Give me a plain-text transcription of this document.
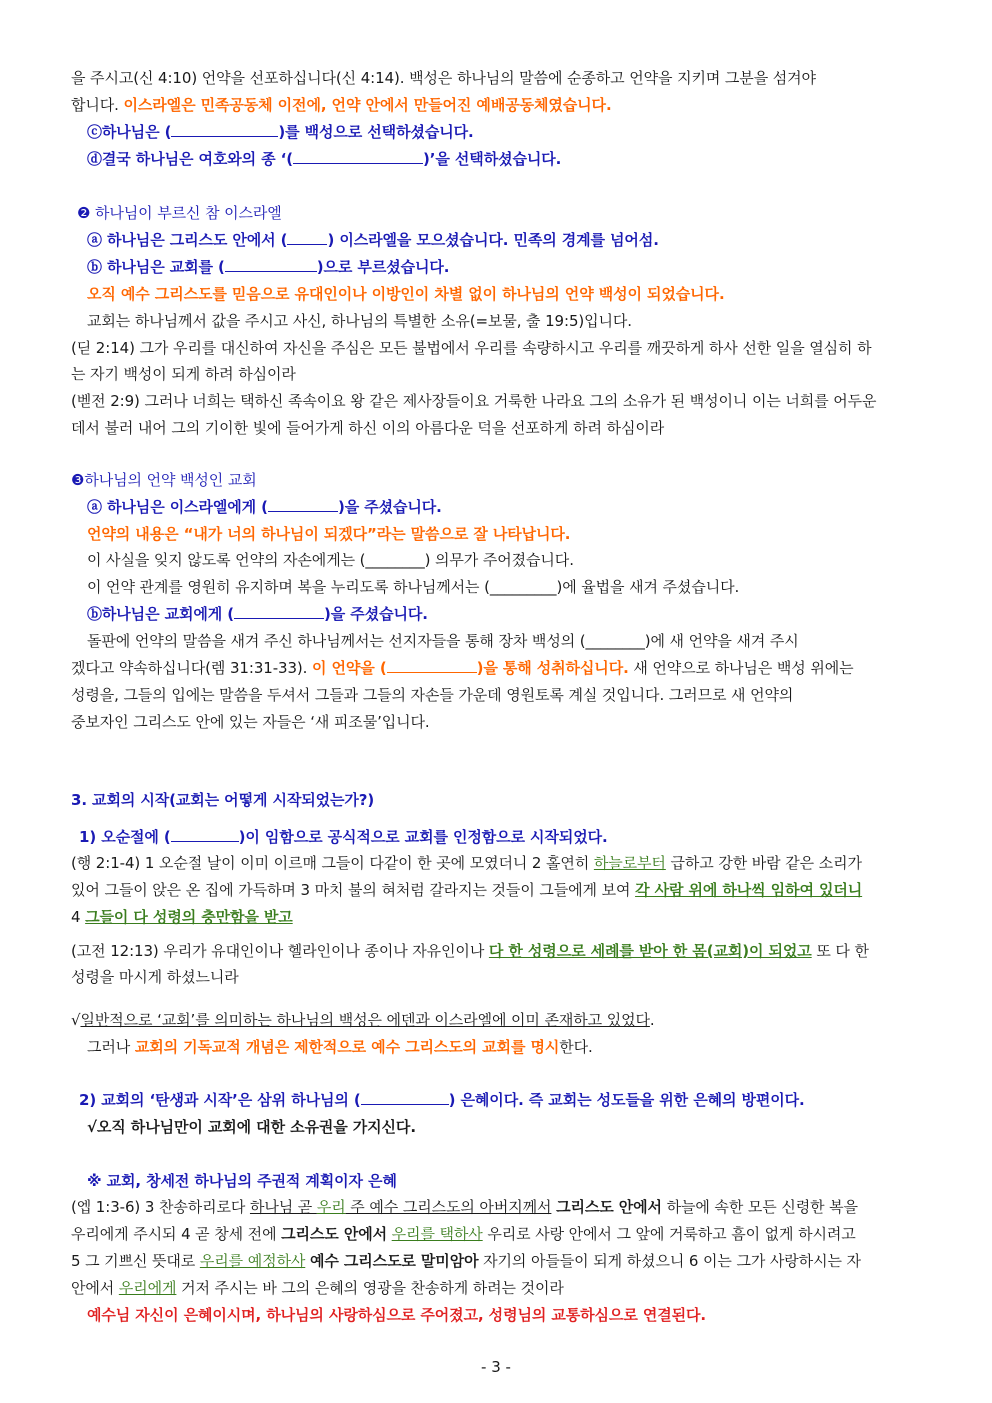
을 주시고(신 4:10) 언약을 선포하십니다(신 4:14). 백성은 하나님의 말씀에 순종하고 언약을 지키며 그분을 섬겨야
합니다. 이스라엘은 민족공동체 이전에, 언약 안에서 만들어진 예배공동체였습니다.
ⓒ하나님은 (	)를 백성으로 선택하셨습니다.
ⓓ결국 하나님은 여호와의 종 ‘(	)’을 선택하셨습니다.
❷ 하나님이 부르신 참 이스라엘
ⓐ 하나님은 그리스도 안에서 (	) 이스라엘을 모으셨습니다. 민족의 경계를 넘어섬.
ⓑ 하나님은 교회를 (	)으로 부르셨습니다.
오직 예수 그리스도를 믿음으로 유대인이나 이방인이 차별 없이 하나님의 언약 백성이 되었습니다.
교회는 하나님께서 값을 주시고 사신, 하나님의 특별한 소유(=보물, 출 19:5)입니다.
(딛 2:14) 그가 우리를 대신하여 자신을 주심은 모든 불법에서 우리를 속량하시고 우리를 깨끗하게 하사 선한 일을 열심히 하
는 자기 백성이 되게 하려 하심이라
(벧전 2:9) 그러나 너희는 택하신 족속이요 왕 같은 제사장들이요 거룩한 나라요 그의 소유가 된 백성이니 이는 너희를 어두운
데서 불러 내어 그의 기이한 빛에 들어가게 하신 이의 아름다운 덕을 선포하게 하려 하심이라
❸하나님의 언약 백성인 교회
ⓐ 하나님은 이스라엘에게 (	)을 주셨습니다.
언약의 내용은 “내가 너의 하나님이 되겠다”라는 말씀으로 잘 나타납니다.
이 사실을 잊지 않도록 언약의 자손에게는 (________) 의무가 주어졌습니다.
이 언약 관계를 영원히 유지하며 복을 누리도록 하나님께서는 (_________)에 율법을 새겨 주셨습니다.
ⓑ하나님은 교회에게 (	)을 주셨습니다.
돌판에 언약의 말씀을 새겨 주신 하나님께서는 선지자들을 통해 장차 백성의 (________)에 새 언약을 새겨 주시
겠다고 약속하십니다(렘 31:31-33). 이 언약을 (	)을 통해 성취하십니다. 새 언약으로 하나님은 백성 위에는
성령을, 그들의 입에는 말씀을 두셔서 그들과 그들의 자손들 가운데 영원토록 계실 것입니다. 그러므로 새 언약의
중보자인 그리스도 안에 있는 자들은 ‘새 피조물’입니다.
3. 교회의 시작(교회는 어떻게 시작되었는가?)
1) 오순절에 (	)이 임함으로 공식적으로 교회를 인정함으로 시작되었다.
(행 2:1-4) 1 오순절 날이 이미 이르매 그들이 다같이 한 곳에 모였더니 2 홀연히 하늘로부터 급하고 강한 바람 같은 소리가
있어 그들이 앉은 온 집에 가득하며 3 마치 불의 혀처럼 갈라지는 것들이 그들에게 보여 각 사람 위에 하나씩 임하여 있더니
4 그들이 다 성령의 충만함을 받고
(고전 12:13) 우리가 유대인이나 헬라인이나 종이나 자유인이나 다 한 성령으로 세례를 받아 한 몸(교회)이 되었고 또 다 한
성령을 마시게 하셨느니라
√일반적으로 ‘교회’를 의미하는 하나님의 백성은 에덴과 이스라엘에 이미 존재하고 있었다.
그러나 교회의 기독교적 개념은 제한적으로 예수 그리스도의 교회를 명시한다.
2) 교회의 ‘탄생과 시작’은 삼위 하나님의 (	) 은혜이다. 즉 교회는 성도들을 위한 은혜의 방편이다.
√오직 하나님만이 교회에 대한 소유권을 가지신다.
※ 교회, 창세전 하나님의 주권적 계획이자 은혜
(엡 1:3-6) 3 찬송하리로다 하나님 곧 우리 주 예수 그리스도의 아버지께서 그리스도 안에서 하늘에 속한 모든 신령한 복을
우리에게 주시되 4 곧 창세 전에 그리스도 안에서 우리를 택하사 우리로 사랑 안에서 그 앞에 거룩하고 흠이 없게 하시려고
5 그 기쁘신 뜻대로 우리를 예정하사 예수 그리스도로 말미암아 자기의 아들들이 되게 하셨으니 6 이는 그가 사랑하시는 자
안에서 우리에게 거저 주시는 바 그의 은혜의 영광을 찬송하게 하려는 것이라
예수님 자신이 은혜이시며, 하나님의 사랑하심으로 주어졌고, 성령님의 교통하심으로 연결된다.
- 3 -
